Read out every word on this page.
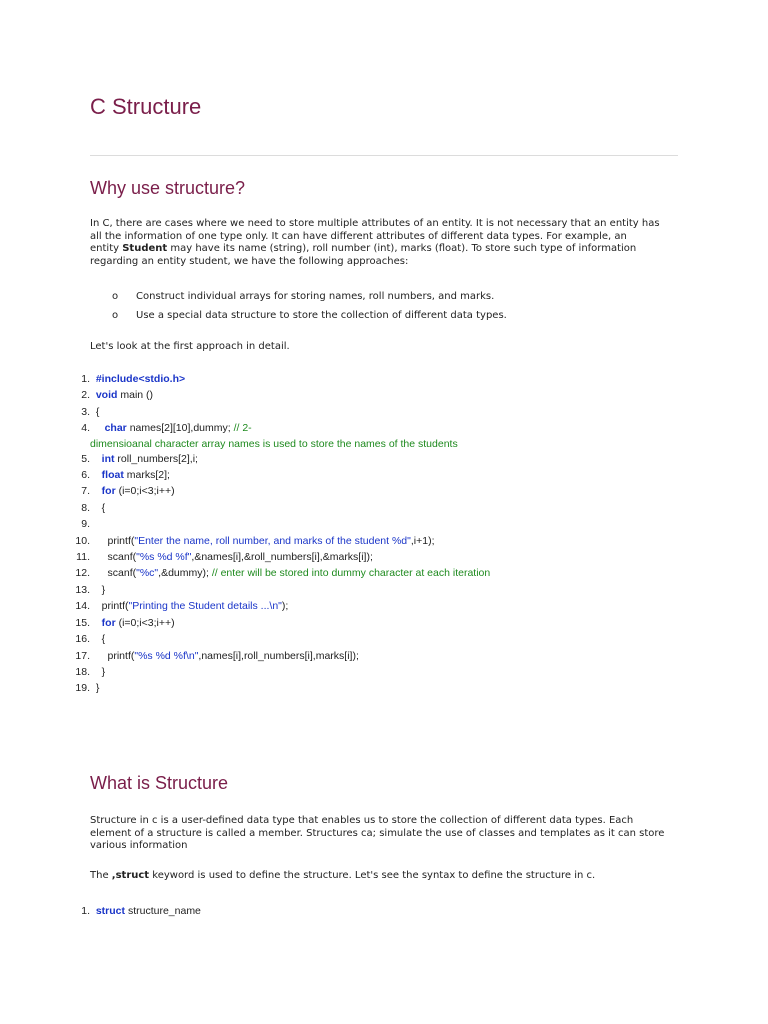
C Structure
Why use structure?
In C, there are cases where we need to store multiple attributes of an entity. It is not necessary that an entity has
all the information of one type only. It can have different attributes of different data types. For example, an
entity Student may have its name (string), roll number (int), marks (float). To store such type of information
regarding an entity student, we have the following approaches:
o	Construct individual arrays for storing names, roll numbers, and marks.
o	Use a special data structure to store the collection of different data types.
Let's look at the first approach in detail.
1. #include<stdio.h>
2. void main ()
3. {
4.	char names[2][10],dummy; // 2-
dimensioanal character array names is used to store the names of the students
5.	int roll_numbers[2],i;
6.	float marks[2];
7.	for (i=0;i<3;i++)
8.	{
9.

10.	printf("Enter the name, roll number, and marks of the student %d",i+1);
11.	scanf("%s %d %f",&names[i],&roll_numbers[i],&marks[i]);
12.	scanf("%c",&dummy); // enter will be stored into dummy character at each iteration
13.	}
14.	printf("Printing the Student details ...\n");
15.	for (i=0;i<3;i++)
16.	{
17.	printf("%s %d %f\n",names[i],roll_numbers[i],marks[i]);
18.	}
19. }
What is Structure
Structure in c is a user-defined data type that enables us to store the collection of different data types. Each
element of a structure is called a member. Structures ca; simulate the use of classes and templates as it can store
various information
The ,struct keyword is used to define the structure. Let's see the syntax to define the structure in c.
1. struct structure_name
